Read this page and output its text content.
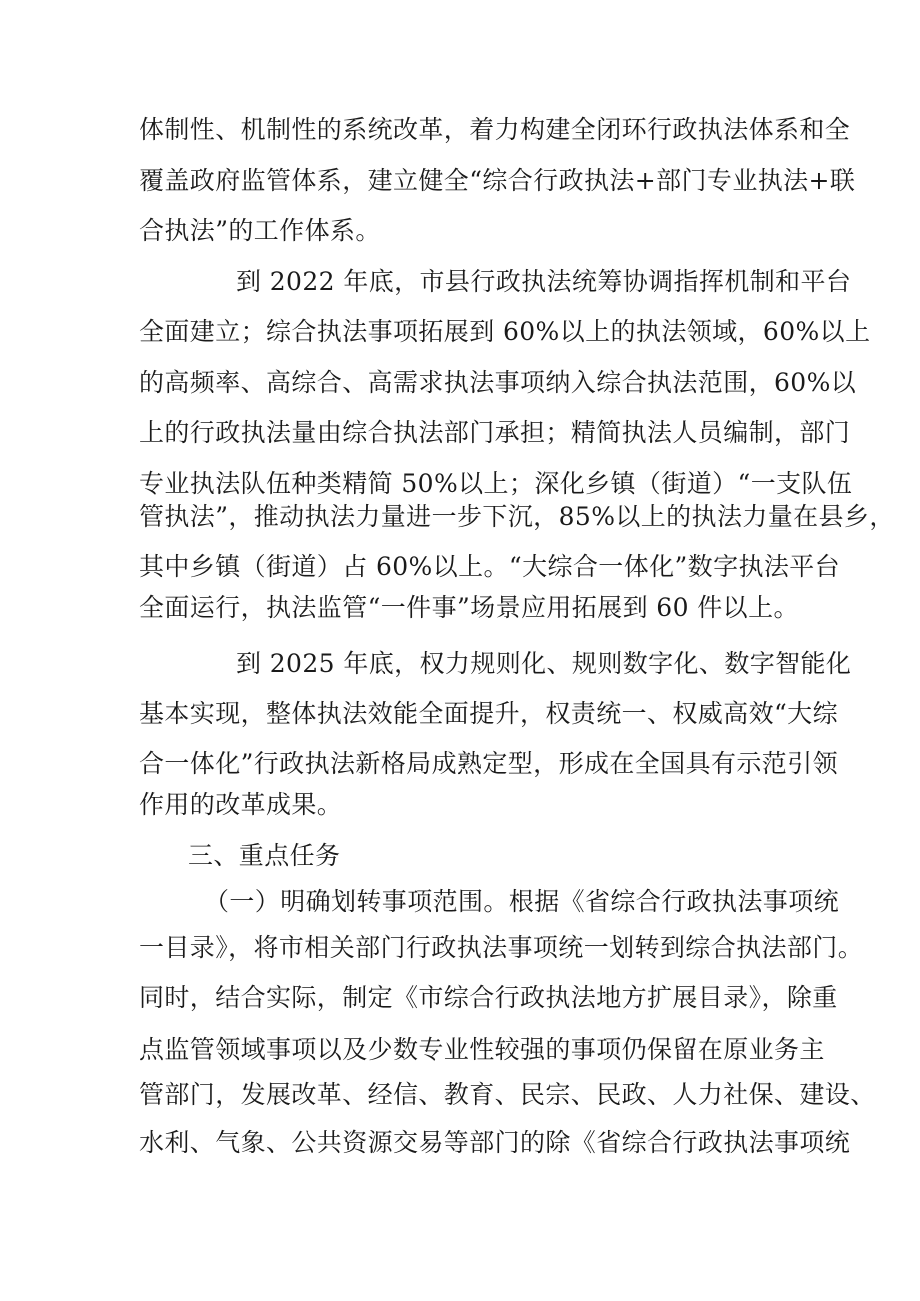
体制性、机制性的系统改革，着力构建全闭环行政执法体系和全
覆盖政府监管体系，建立健全“综合行政执法+部门专业执法+联
合执法”的工作体系。
到 2022 年底，市县行政执法统筹协调指挥机制和平台
全面建立；综合执法事项拓展到 60%以上的执法领域，60%以上
的高频率、高综合、高需求执法事项纳入综合执法范围，60%以
上的行政执法量由综合执法部门承担；精简执法人员编制，部门
专业执法队伍种类精简 50%以上；深化乡镇（街道）“一支队伍
管执法”，推动执法力量进一步下沉，85%以上的执法力量在县乡，
其中乡镇（街道）占 60%以上。“大综合一体化”数字执法平台
全面运行，执法监管“一件事”场景应用拓展到 60 件以上。
到 2025 年底，权力规则化、规则数字化、数字智能化
基本实现，整体执法效能全面提升，权责统一、权威高效“大综
合一体化”行政执法新格局成熟定型，形成在全国具有示范引领
作用的改革成果。
三、重点任务
（一）明确划转事项范围。根据《省综合行政执法事项统
一目录》，将市相关部门行政执法事项统一划转到综合执法部门。
同时，结合实际，制定《市综合行政执法地方扩展目录》，除重
点监管领域事项以及少数专业性较强的事项仍保留在原业务主
管部门，发展改革、经信、教育、民宗、民政、人力社保、建设、
水利、气象、公共资源交易等部门的除《省综合行政执法事项统
